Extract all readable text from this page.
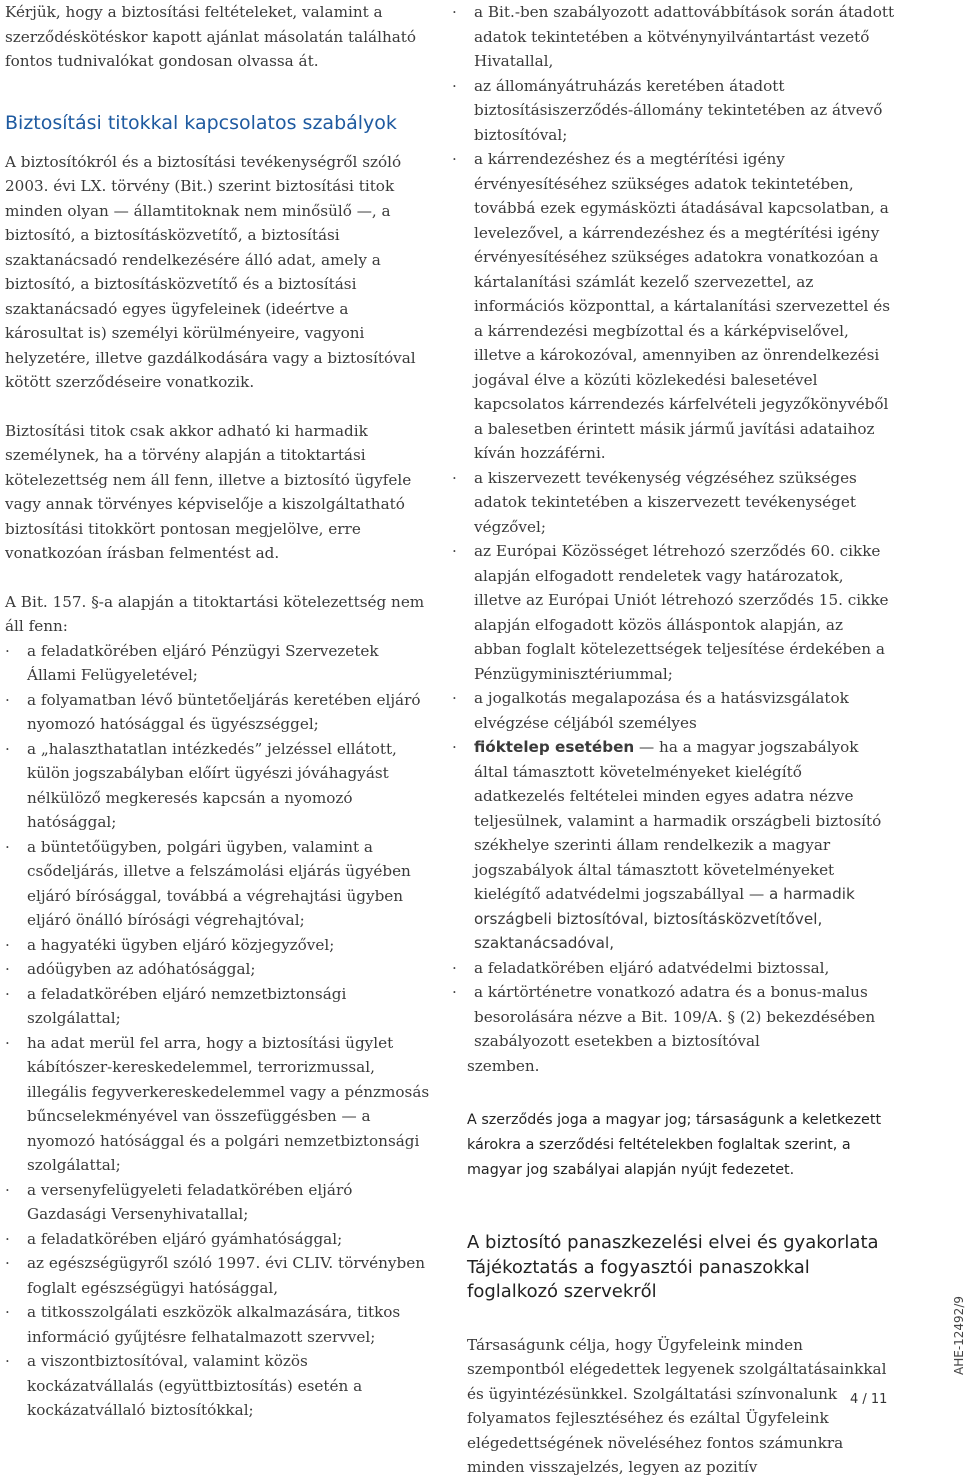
Kérjük, hogy a biztosítási feltételeket, valamint a szerződéskötéskor kapott ajánlat másolatán található fontos tudnivalókat gondosan olvassa át.

Biztosítási titokkal kapcsolatos szabályok

A biztosítókról és a biztosítási tevékenységről szóló 2003. évi LX. törvény (Bit.) szerint biztosítási titok minden olyan — államtitoknak nem minősülő —, a biztosító, a biztosításközvetítő, a biztosítási szaktanácsadó rendelkezésére álló adat, amely a biztosító, a biztosításközvetítő és a biztosítási szaktanácsadó egyes ügyfeleinek (ideértve a károsultat is) személyi körülményeire, vagyoni helyzetére, illetve gazdálkodására vagy a biztosítóval kötött szerződéseire vonatkozik.

Biztosítási titok csak akkor adható ki harmadik személynek, ha a törvény alapján a titoktartási kötelezettség nem áll fenn, illetve a biztosító ügyfele vagy annak törvényes képviselője a kiszolgáltatható biztosítási titokkört pontosan megjelölve, erre vonatkozóan írásban felmentést ad.

A Bit. 157. §-a alapján a titoktartási kötelezettség nem áll fenn:

· a feladatkörében eljáró Pénzügyi Szervezetek Állami Felügyeletével;
· a folyamatban lévő büntetőeljárás keretében eljáró nyomozó hatósággal és ügyészséggel;
· a „halaszthatatlan intézkedés” jelzéssel ellátott, külön jogszabályban előírt ügyészi jóváhagyást nélkülöző megkeresés kapcsán a nyomozó hatósággal;
· a büntetőügyben, polgári ügyben, valamint a csődeljárás, illetve a felszámolási eljárás ügyében eljáró bírósággal, továbbá a végrehajtási ügyben eljáró önálló bírósági végrehajtóval;
· a hagyatéki ügyben eljáró közjegyzővel;
· adóügyben az adóhatósággal;
· a feladatkörében eljáró nemzetbiztonsági szolgálattal;
· ha adat merül fel arra, hogy a biztosítási ügylet kábítószer-kereskedelemmel, terrorizmussal, illegális fegyverkereskedelemmel vagy a pénzmosás bűncselekményével van összefüggésben — a nyomozó hatósággal és a polgári nemzetbiztonsági szolgálattal;
· a versenyfelügyeleti feladatkörében eljáró Gazdasági Versenyhivatallal;
· a feladatkörében eljáró gyámhatósággal;
· az egészségügyről szóló 1997. évi CLIV. törvényben foglalt egészségügyi hatósággal,
· a titkosszolgálati eszközök alkalmazására, titkos információ gyűjtésre felhatalmazott szervvel;
· a viszontbiztosítóval, valamint közös kockázatvállalás (együttbiztosítás) esetén a kockázatvállaló biztosítókkal;
· a Bit.-ben szabályozott adattovábbítások során átadott adatok tekintetében a kötvénynyilvántartást vezető Hivatallal,
· az állományátruházás keretében átadott biztosításiszerződés-állomány tekintetében az átvevő biztosítóval;
· a kárrendezéshez és a megtérítési igény érvényesítéséhez szükséges adatok tekintetében, továbbá ezek egymásközti átadásával kapcsolatban, a levelezővel, a kárrendezéshez és a megtérítési igény érvényesítéséhez szükséges adatokra vonatkozóan a kártalanítási számlát kezelő szervezettel, az információs központtal, a kártalanítási szervezettel és a kárrendezési megbízottal és a kárképviselővel, illetve a károkozóval, amennyiben az önrendelkezési jogával élve a közúti közlekedési balesetével kapcsolatos kárrendezés kárfelvételi jegyzőkönyvéből a balesetben érintett másik jármű javítási adataihoz kíván hozzáférni.
· a kiszervezett tevékenység végzéséhez szükséges adatok tekintetében a kiszervezett tevékenységet végzővel;
· az Európai Közösséget létrehozó szerződés 60. cikke alapján elfogadott rendeletek vagy határozatok, illetve az Európai Uniót létrehozó szerződés 15. cikke alapján elfogadott közös álláspontok alapján, az abban foglalt kötelezettségek teljesítése érdekében a Pénzügyminisztériummal;
· a jogalkotás megalapozása és a hatásvizsgálatok elvégzése céljából személyes
· fióktelep esetében — ha a magyar jogszabályok által támasztott követelményeket kielégítő adatkezelés feltételei minden egyes adatra nézve teljesülnek, valamint a harmadik országbeli biztosító székhelye szerinti állam rendelkezik a magyar jogszabályok által támasztott követelményeket kielégítő adatvédelmi jogszabállyal — a harmadik országbeli biztosítóval, biztosításközvetítővel, szaktanácsadóval,
· a feladatkörében eljáró adatvédelmi biztossal,
· a kártörténetre vonatkozó adatra és a bonus-malus besorolására nézve a Bit. 109/A. § (2) bekezdésében szabályozott esetekben a biztosítóval

szemben.

A szerződés joga a magyar jog; társaságunk a keletkezett károkra a szerződési feltételekben foglaltak szerint, a magyar jog szabályai alapján nyújt fedezetet.

A biztosító panaszkezelési elvei és gyakorlata Tájékoztatás a fogyasztói panaszokkal foglalkozó szervekről

Társaságunk célja, hogy Ügyfeleink minden szempontból elégedettek legyenek szolgáltatásainkkal és ügyintézésünkkel. Szolgáltatási színvonalunk folyamatos fejlesztéséhez és ezáltal Ügyfeleink elégedettségének növeléséhez fontos számunkra minden visszajelzés, legyen az pozitív

AHE-12492/9
4 / 11
